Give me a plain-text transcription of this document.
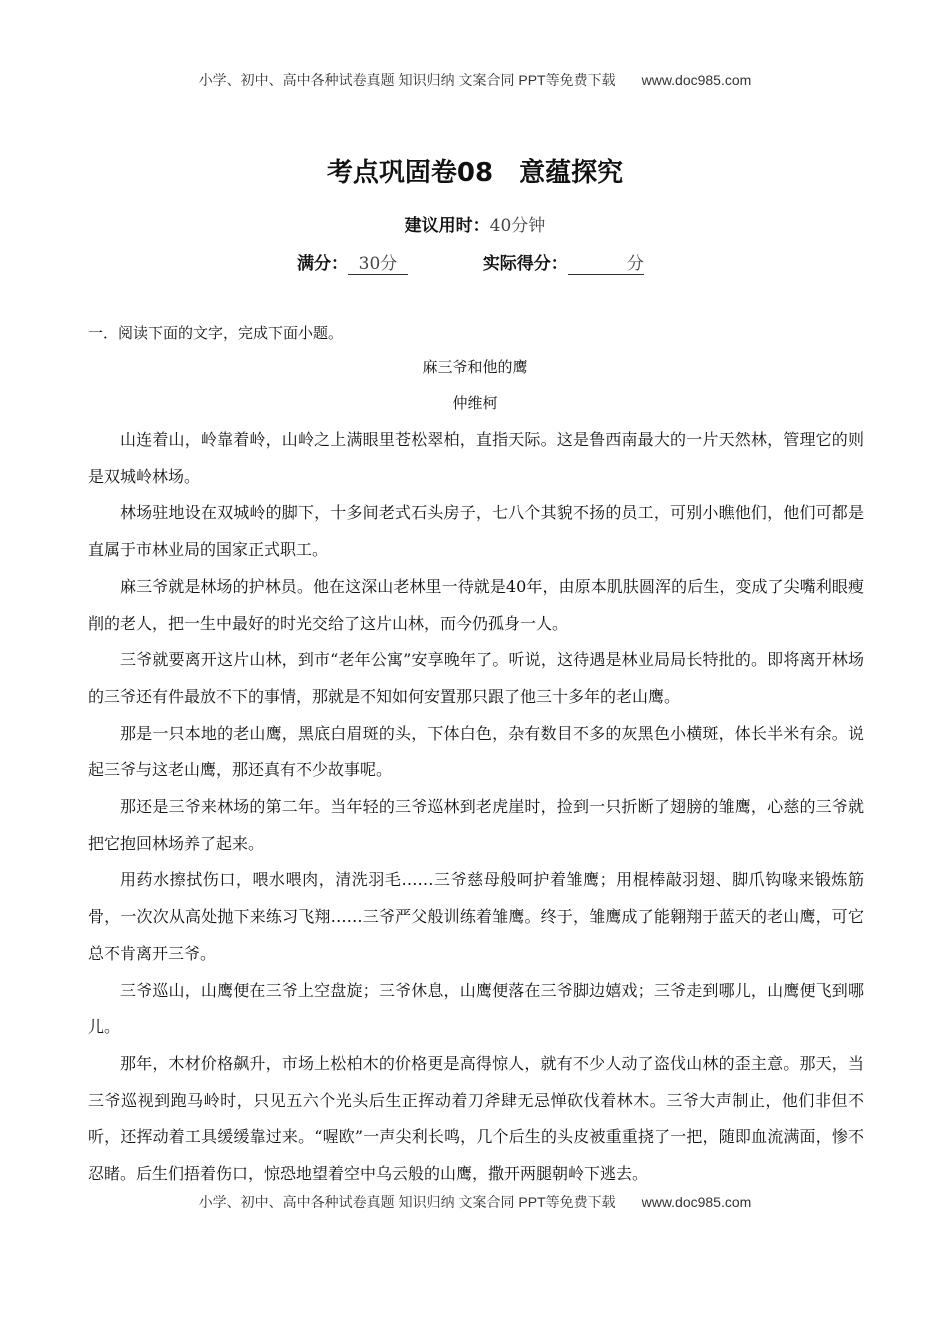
小学、初中、高中各种试卷真题 知识归纳 文案合同 PPT等免费下载 www.doc985.com
考点巩固卷08 意蕴探究
建议用时：40分钟
满分： 30分	实际得分：	分
一．阅读下面的文字，完成下面小题。
麻三爷和他的鹰
仲维柯

山连着山，岭靠着岭，山岭之上满眼里苍松翠柏，直指天际。这是鲁西南最大的一片天然林，管理它的则是双城岭林场。

林场驻地设在双城岭的脚下，十多间老式石头房子，七八个其貌不扬的员工，可别小瞧他们，他们可都是直属于市林业局的国家正式职工。

麻三爷就是林场的护林员。他在这深山老林里一待就是40年，由原本肌肤圆浑的后生，变成了尖嘴利眼瘦削的老人，把一生中最好的时光交给了这片山林，而今仍孤身一人。

三爷就要离开这片山林，到市“老年公寓”安享晚年了。听说，这待遇是林业局局长特批的。即将离开林场的三爷还有件最放不下的事情，那就是不知如何安置那只跟了他三十多年的老山鹰。

那是一只本地的老山鹰，黑底白眉斑的头，下体白色，杂有数目不多的灰黑色小横斑，体长半米有余。说起三爷与这老山鹰，那还真有不少故事呢。

那还是三爷来林场的第二年。当年轻的三爷巡林到老虎崖时，捡到一只折断了翅膀的雏鹰，心慈的三爷就把它抱回林场养了起来。

用药水擦拭伤口，喂水喂肉，清洗羽毛……三爷慈母般呵护着雏鹰；用棍棒敲羽翅、脚爪钩喙来锻炼筋骨，一次次从高处抛下来练习飞翔……三爷严父般训练着雏鹰。终于，雏鹰成了能翱翔于蓝天的老山鹰，可它总不肯离开三爷。

三爷巡山，山鹰便在三爷上空盘旋；三爷休息，山鹰便落在三爷脚边嬉戏；三爷走到哪儿，山鹰便飞到哪儿。

那年，木材价格飙升，市场上松柏木的价格更是高得惊人，就有不少人动了盗伐山林的歪主意。那天，当三爷巡视到跑马岭时，只见五六个光头后生正挥动着刀斧肆无忌惮砍伐着林木。三爷大声制止，他们非但不听，还挥动着工具缓缓靠过来。“喔欧”一声尖利长鸣，几个后生的头皮被重重挠了一把，随即血流满面，惨不忍睹。后生们捂着伤口，惊恐地望着空中乌云般的山鹰，撒开两腿朝岭下逃去。

小学、初中、高中各种试卷真题 知识归纳 文案合同 PPT等免费下载 www.doc985.com
